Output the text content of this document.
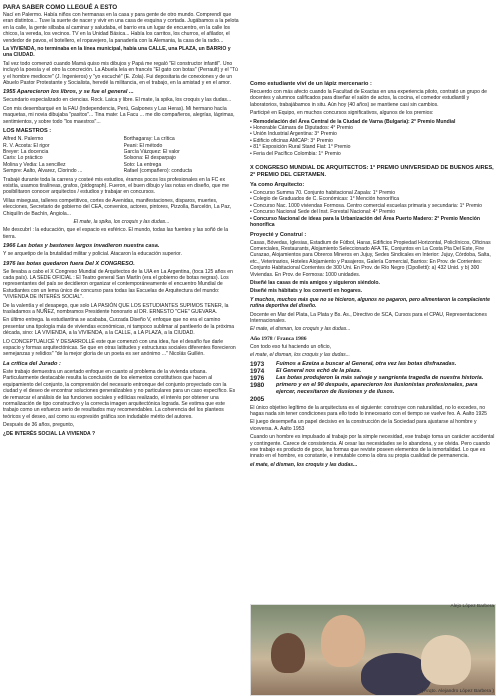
PARA SABER COMO LLEGUÉ A ESTO

Nací en Palermo. Había niños con hermanas en la casa y para gente de otro mundo. Comprendí que eran distintos... Tuve la suerte de nacer y vivir en una casa de esquina y cortada. Jugábamos a la pelota en la calle, la gente silbaba al caminar y saludaba, el barrio era un lugar de encuentro, en la calle los chicos, la vereda, los vecinos. TV en la Unidad Básica... Había los carritos, los churros, el afilador, el vendedor de pavos, el botellero, el ropavejero, la panadería con la Alemania, la casa de la radio...

La VIVIENDA, no terminaba en la línea municipal, había una CALLE, una PLAZA, un BARRIO y una CIUDAD.

Tal vez todo comenzó cuando Mamá quiso mis dibujos y Papá me regaló "El constructor infantil". Uno incluyó la poesía y el otro la concreción. La Abuela leía en francés "El gato con botas" (Perrault) y el "Tú y el hombre mediocre" (J. Ingenieros) y "yo escuché" (E. Zola). Fui depositaria de conexiones y de un Abuelo Pastor Protestante y Socialista, heredé la militancia, en el trabajo, en la amistad y en el amor.

1955 Aparecieron los libros, y se fue el general ...

Secundario especializado en ciencias. Rock. Laica y libre. El mate, la spika, los croquis y las dudas...

Con mis desembarqué en la FAU (Independencia, Perú, Galpones y Las Heras). Mi hermano hacía maquetas, mi novia dibujaba "pasitos"... Tina mate: La Facu ... me dio compañeros, alegrías, lágrimas, sentimientos, y sobre todo "los maestros"...

LOS MAESTROS :
Alfred N. Palermo	Borthagaray: La crítica
R. V. Acosta: El rigor	Peani: El método
Breyer: La docencia	García Vázquez: El valor
Caris: Lo práctico	Solsona: El desparpajo
Molina y Vedia: La sencillez	Soto: La entrega
Sempre: Aalto, Álvarez, Clorindo ...	Rafael (compañero): conducta

Trabajé durante toda la carrera y costeé mis estudios, éramos pocos los profesionales en la FC ex existía, usamos tiralíneas, grafos, (pidograph). Fueron, el buen dibujo y las notas en diseño, que me posibilitaron conocer arquitectos / estudios y trabajar en concursos.

Villas miseguas, talleres competitivos, cortes de Avenidas, manifestaciones, disparos, muertes, elecciones, Secretario de gobierno del CEA, convenios, actores, pintores, Pizzolla, Barcelón, La Paz, Chiquilín de Bachín, Angiola...

El mate, la spika, los croquis y las dudas...

Me descubrí : la educación, que el espacio es esférico. El mundo, todas las fuentes y las soñó de la tierra.

1966 Las botas y bastones largos invadieron nuestra casa.

Y se arquetipo de la brutalidad militar y policial. Atacaron la educación superior.

1976 las botas quedaron fuera Del X CONGRESO.

Se llevaba a cabo el X Congreso Mundial de Arquitectos de la UIA en La Argentina, (toca 125 años en cada país). LA SEDE OFICIAL : El Teatro general San Martín (era el gobierno de botas negras). Los representantes del país se decidieron organizar el contemporáneamente el encuentro Mundial de Estudiantes con un lema único de concurso para todas las Escuelas de Arquitectura del mundo: "VIVIENDA DE INTERÉS SOCIAL".

De la valentía y el desapego, que solo LA PASIÓN QUE LOS ESTUDIANTES SUPIMOS TENER, la trasladamos a NUÑEZ, nombramos Presidente honorario al DR. ERNESTO "CHE" GUEVARA.

En último entrega. la estudiantina se acababa, Curzada Diseño V, enfoque que no era el camino presentar una tipología más de viviendas económicas, ni tampoco sublimar al pantleerlo de la próxima década, sino: LA VIVIENDA, a la VIVIENDA, a la CALLE, a LA PLAZA, a la CIUDAD.

LO CONCEPTUALICÉ Y DESARROLLÉ este que comenzó con una idea, fue el desafío fue darle espacio y formas arquitectónicas. Se que en otras latitudes y estructuras sociales diferentes florecieron semejanzas y relidios" "de la mejor gloria de un poeta es ser anónimo ..." Nicolás Guillén.

La crítica del Jurado :

Este trabajo demuestra un acertado enfoque en cuanto al problema de la vivienda urbana. Particularmente destacable resulta la conclusión de los elementos constitutivos que hacen al equipamiento del conjunto, la comprensión del necesario entronque del conjunto proyectado con la ciudad y el deseo de encontrar soluciones generalizables y no particulares para un caso específico. Es de remarcar el análisis de las funciones sociales y edilicias realizado, el interés por obtener una normalización de tipo constructivo y la correcta imagen arquitectónica lograda. Se estima que este trabajo como un esfuerzo serio de resultados muy recomendables. La coherencia del los planteos teóricos y el deseo, así como su expresión gráfica son indudable mérito del autores.

Después de 36 años, pregunto,

¿DE INTERÉS SOCIAL LA VIVIENDA ?

Como estudiante viví de un lápiz mercenario :

Recuerdo con más afecto cuando la Facultad de Exactas en una experiencia piloto, contrató un grupo de docentes y alumnos calificados para diseñar el salón de actos, la cocina, el comedor estudiantil y laboratorios, trabajábamos in situ. Aún hoy (40 años) se mantiene casi sin cambios.

Participé en Equipo, en muchos concursos significativos, algunos de los premios:

• Remodelación del Área Central de la Ciudad de Varna (Bulgaria): 2° Premio Mundial
• Honorable Cámara de Diputados: 4° Premio
• Unión Industrial Argentina: 3° Premio
• Edificio oficinas AMCAP: 3° Premio
• 81° Exposición Rural Stand Fiat: 1° Premio
• Feria del Pacífico Colombia: 1° Premio
X CONGRESO MUNDIAL DE ARQUITECTOS: 1° PREMIO UNIVERSIDAD DE BUENOS AIRES, 2° PREMIO DEL CERTAMEN.
Ya como Arquitecto:
• Concurso Summa 70. Conjunto habitacional Zapala: 1° Premio
• Colegio de Graduados de C. Económicas: 1° Mención honorífica
• Concurso Nac. 1000 viviendas Formosa. Centro comercial escuelas primaria y secundaria: 1° Premio
• Concurso Nacional Sede del Inst. Forestal Nacional: 4° Premio
• Concurso Nacional de ideas para la Urbanización del Área Puerto Madero: 2° Premio Mención honorífica
Proyecté y Construí :

Casas, Bóvedas, Iglesias, Estadium de Fútbol, Haras, Edificios Propiedad Horizontal, Policlínicos, Oficinas Comerciales, Restaurants, Alojamiento Seleccionado AFA TE, Conjuntos en La Costa Pta Del Este, Fire Curazao, Alojamientos para Obreros Mineros en Jujuy, Sedes Sindicales en Interior: Jujuy, Córdoba, Salta, etc., Veterinarios, Hoteles Alojamiento y Pasajeros, Galería Comercial, Barrios: En Prov. de Corrientes: Conjunto Habitacional Corrientes de 300 Uni. En Prov. de Río Negro (Cipolletti): a) 432 Unid. y b) 300 Viviendas. En Prov. de Formosa: 1000 unidades.

Diseñé las casas de mis amigos y siguieron siéndolo.

Diseñé mis hábitats y los convertí en hogares.

Y muchos, muchos más que no se hicieron, algunos no pagaron, pero alimentaron la complaciente rutina deportiva del diseño.

Docente en Mar del Plata, La Plata y Bs. As., Directivo de SCA, Cursos para el CPAU, Representaciones Internacionales.

El mate, el disman, los croquis y las dudas...

Año 1978 / Franca 1986

Con todo eso fui haciendo un oficio,

el mate, el disman, los croquis y las dudas...

1973	Fuimos a Ezeiza a buscar al General, otra vez las botas disfrazadas.
1974	El General nos echó de la plaza.
1976	Las botas produjeron la más salvaje y sangrienta tragedia de nuestra historia.
1980	primero y en el 90 después, aparecieron los ilusionistas profesionales, para ejercer, necesitaron de ilusiones y de ilusos.
2005

El único objetivo legítimo de la arquitectura es el siguiente: construye con naturalidad, no lo excedes, no hagas nada sin tener condiciones para ello todo lo innecesario con el tiempo se vuelve feo. A. Aalto 1925

El juego desempeña un papel decisivo en la construcción de la Sociedad para ajustarse al hombre y viceversa. A. Aalto 1953

Cuando un hombre es impulsado al trabajo por la simple necesidad, ese trabajo toma un carácter accidental y contingente. Carece de consistencia. Al cesar las necesidades se lo abandona, y se olvida. Pero cuando ese trabajo es producto de goce, las formas que reviste poseen elementos de la inmortalidad. Lo que es innato en el hombre, es constante, e inmutable como la obra su propia cualidad de permanencia.

el mate, el disman, los croquis y las dudas...

Alejo López Barbera
( Arqto. Alejandro López Barbera )
